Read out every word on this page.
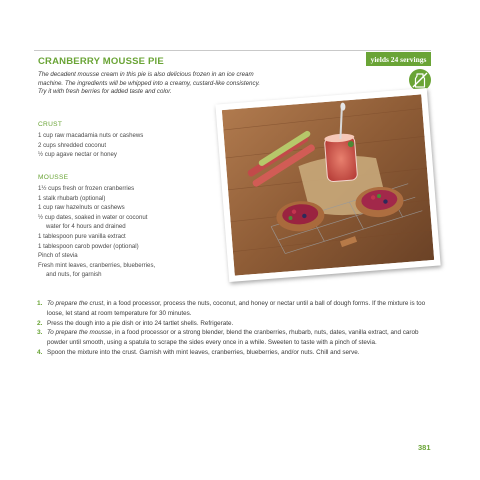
CRANBERRY MOUSSE PIE	yields 24 servings

The decadent mousse cream in this pie is also delicious frozen in an ice cream machine. The ingredients will be whipped into a creamy, custard-like consistency. Try it with fresh berries for added taste and color.

CRUST
1 cup raw macadamia nuts or cashews
2 cups shredded coconut
½ cup agave nectar or honey
MOUSSE
1½ cups fresh or frozen cranberries
1 stalk rhubarb (optional)
1 cup raw hazelnuts or cashews
½ cup dates, soaked in water or coconut
water for 4 hours and drained
1 tablespoon pure vanilla extract
1 tablespoon carob powder (optional)
Pinch of stevia
Fresh mint leaves, cranberries, blueberries,
and nuts, for garnish
1. To prepare the crust, in a food processor, process the nuts, coconut, and honey or nectar until a ball of dough forms. If the mixture is too loose, let stand at room temperature for 30 minutes.
2. Press the dough into a pie dish or into 24 tartlet shells. Refrigerate.
3. To prepare the mousse, in a food processor or a strong blender, blend the cranberries, rhubarb, nuts, dates, vanilla extract, and carob powder until smooth, using a spatula to scrape the sides every once in a while. Sweeten to taste with a pinch of stevia.
4. Spoon the mixture into the crust. Garnish with mint leaves, cranberries, blueberries, and/or nuts. Chill and serve.
381
